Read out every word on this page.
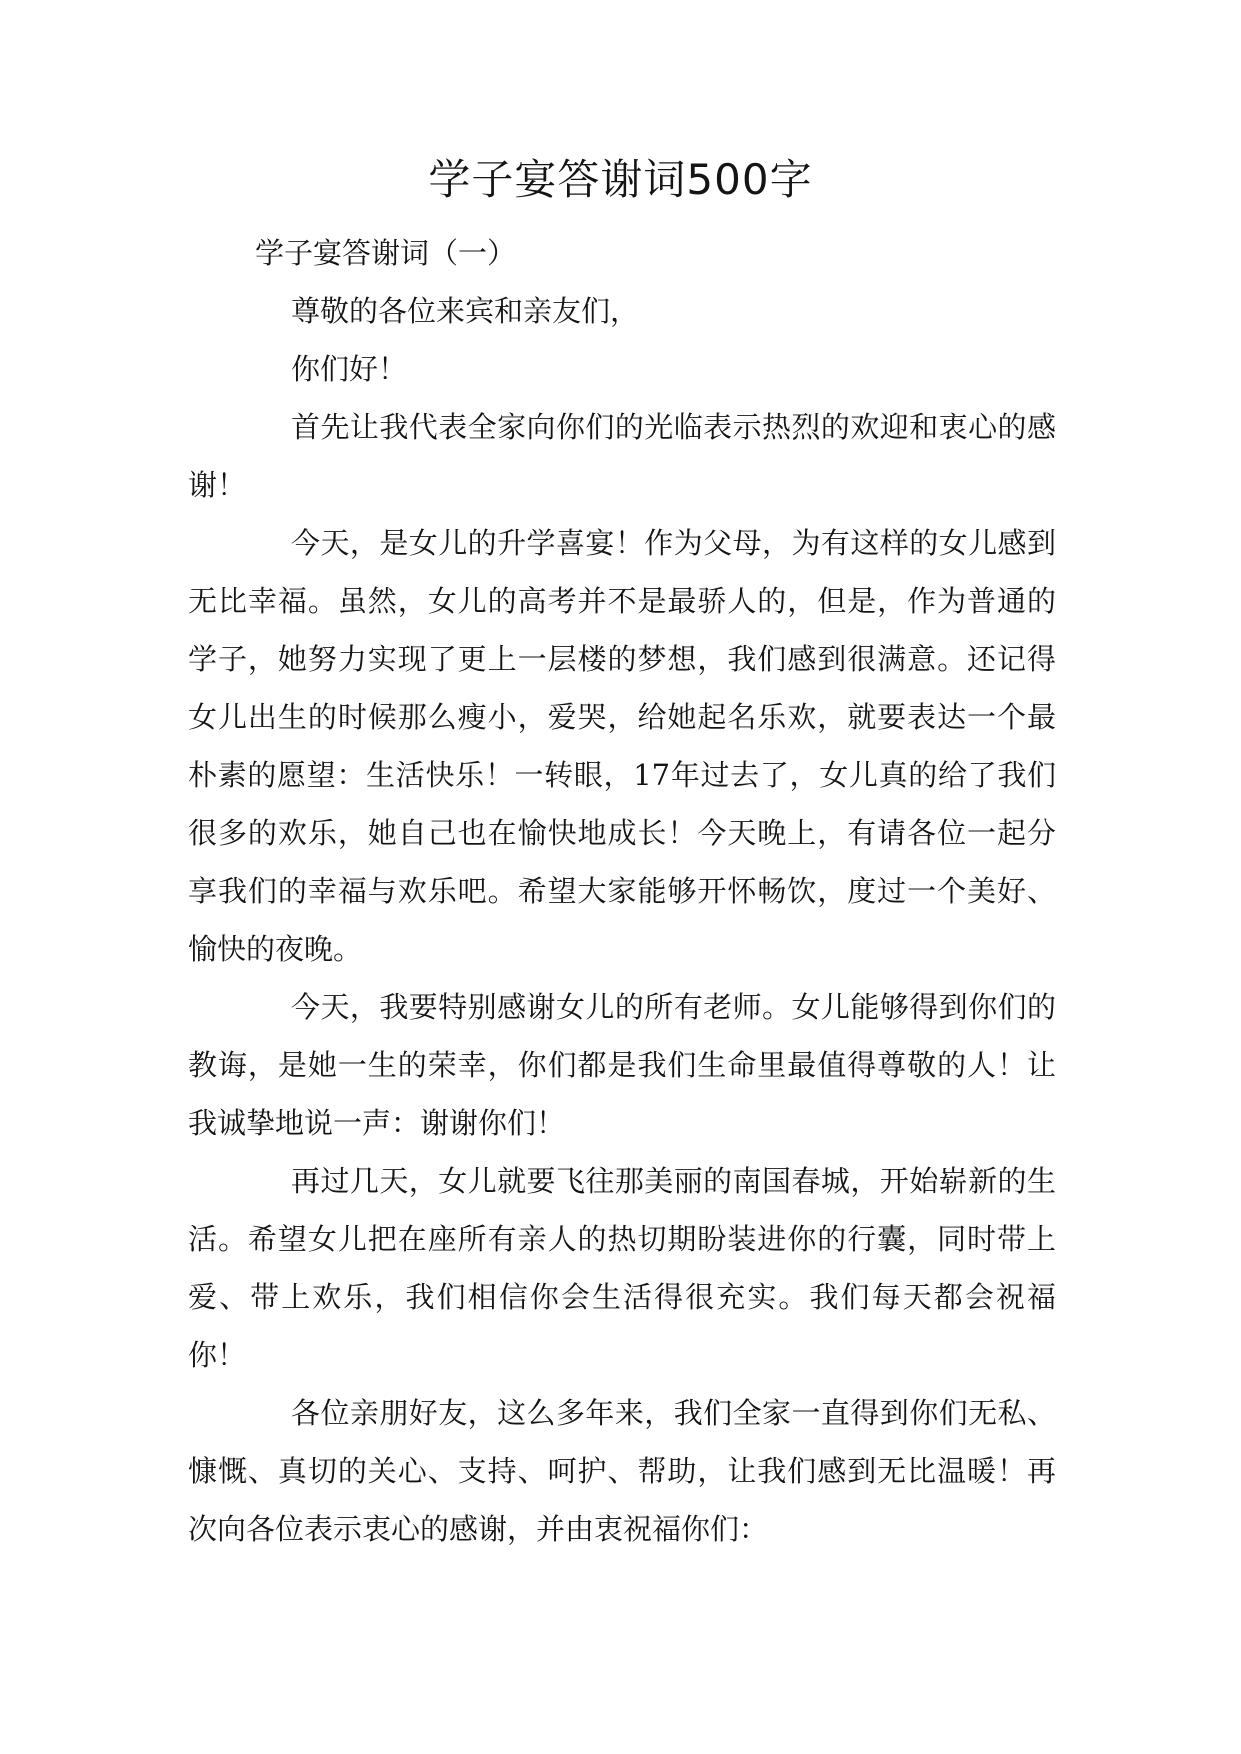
学子宴答谢词500字
学子宴答谢词（一）

尊敬的各位来宾和亲友们，

你们好！

首先让我代表全家向你们的光临表示热烈的欢迎和衷心的感谢！

今天，是女儿的升学喜宴！作为父母，为有这样的女儿感到无比幸福。虽然，女儿的高考并不是最骄人的，但是，作为普通的学子，她努力实现了更上一层楼的梦想，我们感到很满意。还记得女儿出生的时候那么瘦小，爱哭，给她起名乐欢，就要表达一个最朴素的愿望：生活快乐！一转眼，17年过去了，女儿真的给了我们很多的欢乐，她自己也在愉快地成长！今天晚上，有请各位一起分享我们的幸福与欢乐吧。希望大家能够开怀畅饮，度过一个美好、愉快的夜晚。

今天，我要特别感谢女儿的所有老师。女儿能够得到你们的教诲，是她一生的荣幸，你们都是我们生命里最值得尊敬的人！让我诚挚地说一声：谢谢你们！

再过几天，女儿就要飞往那美丽的南国春城，开始崭新的生活。希望女儿把在座所有亲人的热切期盼装进你的行囊，同时带上爱、带上欢乐，我们相信你会生活得很充实。我们每天都会祝福你！

各位亲朋好友，这么多年来，我们全家一直得到你们无私、慷慨、真切的关心、支持、呵护、帮助，让我们感到无比温暖！再次向各位表示衷心的感谢，并由衷祝福你们：
